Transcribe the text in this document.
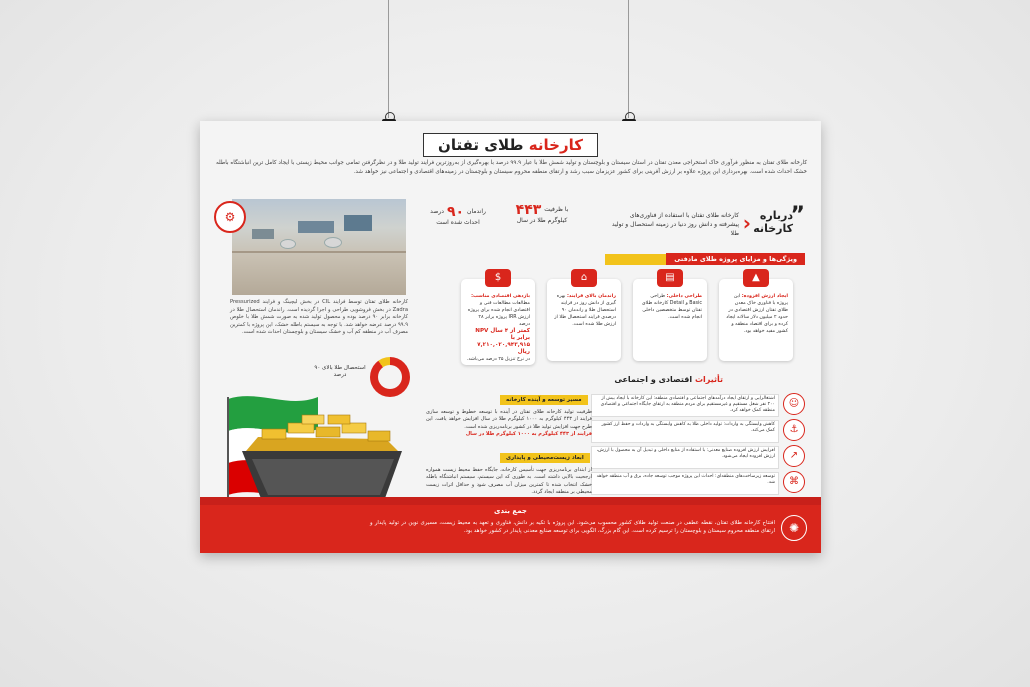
کارخانه طلای تفتان
کارخانه طلای تفتان به منظور فرآوری خاک استخراجی معدن تفتان در استان سیستان و بلوچستان و تولید شمش طلا با عیار ۹۹.۹ درصد با بهره‌گیری از به‌روزترین فرایند تولید طلا و در نظرگرفتن تمامی جوانب محیط زیستی با ایجاد کامل ترین انباشتگاه باطله خشک احداث شده است. بهره‌برداری این پروژه علاوه بر ارزش آفرینی برای کشور عزیزمان سبب رشد و ارتقای منطقه محروم سیستان و بلوچستان در زمینه‌های اقتصادی و اجتماعی نیز خواهد شد.
”
درباره کارخانه
‹
کارخانه طلای تفتان با استفاده از فناوری‌های پیشرفته و دانش روز دنیا در زمینه استحصال و تولید طلا
با ظرفیت
۴۴۳
کیلوگرم طلا در سال
راندمان
۹۰
درصد
احداث شده است
⚙
ویژگی‌ها و مزایای پروژه طلای مادفتی
▲
ایجاد ارزش افزوده: این پروژه با فناوری خاک معدن طلای تفتان ارزش اقتصادی در حدود ۲ میلیون دلار سالانه ایجاد کرده و برای اقتصاد منطقه و کشور مفید خواهد بود.
▤
طراحی داخلی: طراحی Basic و Detail کارخانه طلای تفتان توسط متخصصین داخلی انجام شده است.
⌂
راندمان بالای فرایند: بهره گیری از دانش روز در فرایند استحصال طلا و راندمان ۹۰ درصدی فرایند استحصال طلا از ارزش طلا شده است.
$
بازدهی اقتصادی مناسب: مطالعات مطالعات فنی و اقتصادی انجام شده برای پروژه ارزش IRR پروژه برابر ۲۸ درصد
کمتر از ۴ سال NPV برابر با ۷,۲۱۰,۰۲۰,۹۴۳,۹۱۵ ریال
در نرخ تنزیل ۲۵ درصد می‌باشد.
کارخانه طلای تفتان توسط فرایند CIL در بخش لیچینگ و فرایند Pressurized Zadra در بخش فروشویی طراحی و اجرا گردیده است. راندمان استحصال طلا در کارخانه برابر ۹۰ درصد بوده و محصول تولید شده به صورت شمش طلا با خلوص ۹۹.۹ درصد عرضه خواهد شد. با توجه به سیستم باطله خشک، این پروژه با کمترین مصرف آب در منطقه کم آب و خشک سیستان و بلوچستان احداث شده است.
استحصال طلا بالای ۹۰ درصد	تأثیرات اقتصادی و اجتماعی
☺
اشتغالزایی و ارتقای ایجاد درآمدهای اجتماعی و اقتصادی منطقه: این کارخانه با ایجاد بیش از ۲۰۰ نفر شغل مستقیم و غیرمستقیم برای مردم منطقه به ارتقای جایگاه اجتماعی و اقتصادی منطقه کمک خواهد کرد.
⚓
کاهش وابستگی به واردات: تولید داخلی طلا به کاهش وابستگی به واردات و حفظ ارز کشور کمک می‌کند.
↗
افزایش ارزش افزوده صنایع معدنی: با استفاده از منابع داخلی و تبدیل آن به محصول با ارزش، ارزش افزوده ایجاد می‌شود.
⌘
توسعه زیرساخت‌های منطقه‌ای: احداث این پروژه موجب توسعه جاده، برق و آب منطقه خواهد شد.
مسیر توسعه و آینده کارخانه
ظرفیت تولید کارخانه طلای تفتان در آینده با توسعه خطوط و توسعه سازی فرایند از ۴۴۳ کیلوگرم به ۱۰۰۰ کیلوگرم طلا در سال افزایش خواهد یافت. این طرح جهت افزایش تولید طلا در کشور برنامه‌ریزی شده است.
فرایند از ۴۴۳ کیلوگرم به ۱۰۰۰ کیلوگرم طلا در سال
ابعاد زیست‌محیطی و پایداری
از ابتدای برنامه‌ریزی جهت تأسیس کارخانه، جایگاه حفظ محیط زیست همواره ارجحیت بالایی داشته است. به طوری که این سیستم، سیستم انباشتگاه باطله خشک انتخاب شده تا کمترین میزان آب مصرف شود و حداقل اثرات زیست محیطی بر منطقه ایجاد گردد.
جمع بندی
✺
افتتاح کارخانه طلای تفتان، نقطه عطفی در صنعت تولید طلای کشور محسوب می‌شود. این پروژه با تکیه بر دانش، فناوری و تعهد به محیط زیست، مسیری نوین در تولید پایدار و ارتقای منطقه محروم سیستان و بلوچستان را ترسیم کرده است. این گام بزرگ، الگویی برای توسعه صنایع معدنی پایدار در کشور خواهد بود.
